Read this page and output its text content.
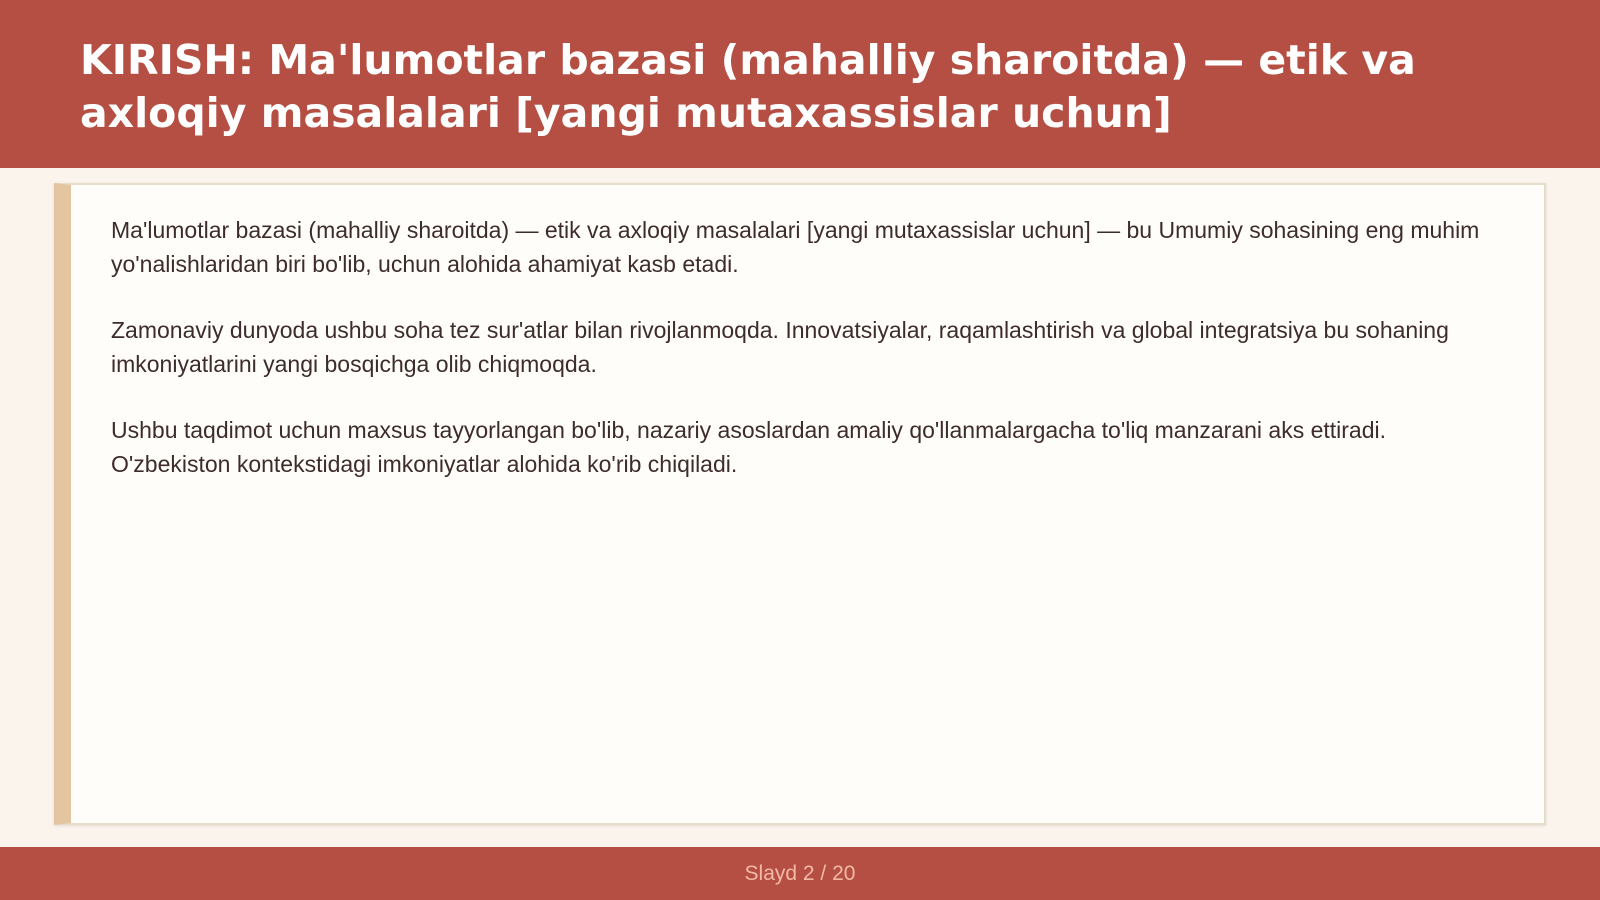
KIRISH: Ma'lumotlar bazasi (mahalliy sharoitda) — etik va axloqiy masalalari [yangi mutaxassislar uchun]

Ma'lumotlar bazasi (mahalliy sharoitda) — etik va axloqiy masalalari [yangi mutaxassislar uchun] — bu Umumiy sohasining eng muhim yo'nalishlaridan biri bo'lib, uchun alohida ahamiyat kasb etadi.

Zamonaviy dunyoda ushbu soha tez sur'atlar bilan rivojlanmoqda. Innovatsiyalar, raqamlashtirish va global integratsiya bu sohaning imkoniyatlarini yangi bosqichga olib chiqmoqda.

Ushbu taqdimot uchun maxsus tayyorlangan bo'lib, nazariy asoslardan amaliy qo'llanmalargacha to'liq manzarani aks ettiradi. O'zbekiston kontekstidagi imkoniyatlar alohida ko'rib chiqiladi.

Slayd 2 / 20
